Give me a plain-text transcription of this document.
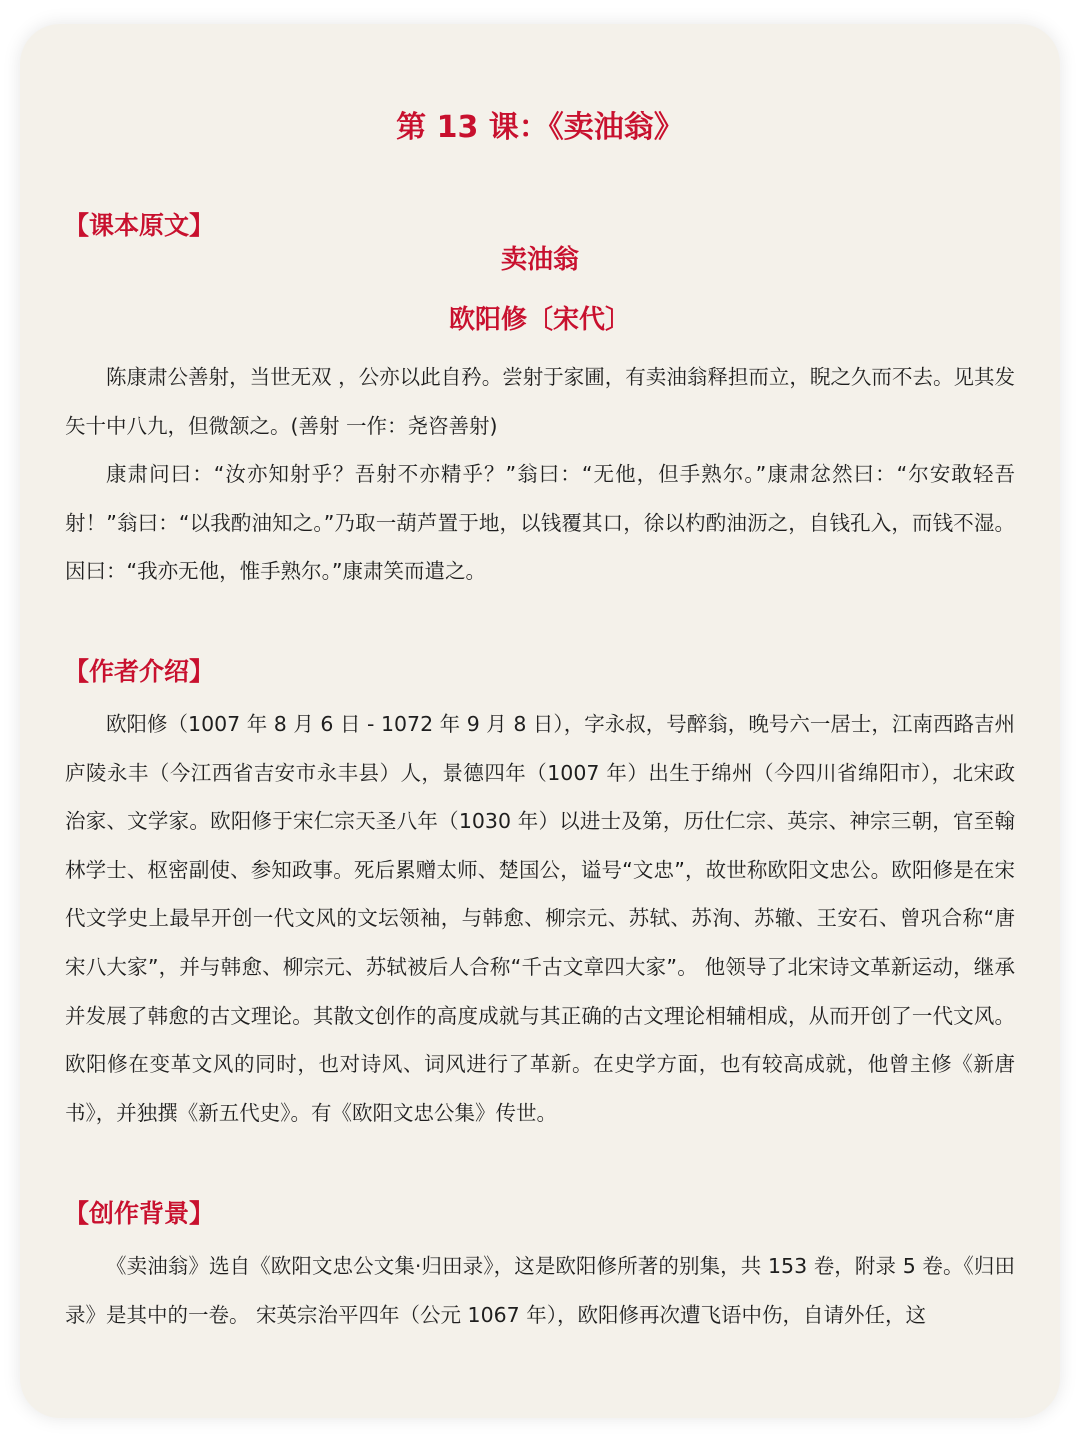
第 13 课：《卖油翁》
【课本原文】
卖油翁
欧阳修〔宋代〕

陈康肃公善射，当世无双 ，公亦以此自矜。尝射于家圃，有卖油翁释担而立，睨之久而不去。见其发矢十中八九，但微颔之。(善射 一作：尧咨善射)

康肃问曰：“汝亦知射乎？吾射不亦精乎？”翁曰：“无他，但手熟尔。”康肃忿然曰：“尔安敢轻吾射！”翁曰：“以我酌油知之。”乃取一葫芦置于地，以钱覆其口，徐以杓酌油沥之，自钱孔入，而钱不湿。因曰：“我亦无他，惟手熟尔。”康肃笑而遣之。

【作者介绍】

欧阳修（1007 年 8 月 6 日 - 1072 年 9 月 8 日），字永叔，号醉翁，晚号六一居士，江南西路吉州庐陵永丰（今江西省吉安市永丰县）人，景德四年（1007 年）出生于绵州（今四川省绵阳市），北宋政治家、文学家。欧阳修于宋仁宗天圣八年（1030 年）以进士及第，历仕仁宗、英宗、神宗三朝，官至翰林学士、枢密副使、参知政事。死后累赠太师、楚国公，谥号“文忠”，故世称欧阳文忠公。欧阳修是在宋代文学史上最早开创一代文风的文坛领袖，与韩愈、柳宗元、苏轼、苏洵、苏辙、王安石、曾巩合称“唐宋八大家”，并与韩愈、柳宗元、苏轼被后人合称“千古文章四大家”。 他领导了北宋诗文革新运动，继承并发展了韩愈的古文理论。其散文创作的高度成就与其正确的古文理论相辅相成，从而开创了一代文风。欧阳修在变革文风的同时，也对诗风、词风进行了革新。在史学方面，也有较高成就，他曾主修《新唐书》，并独撰《新五代史》。有《欧阳文忠公集》传世。

【创作背景】

《卖油翁》选自《欧阳文忠公文集·归田录》，这是欧阳修所著的别集，共 153 卷，附录 5 卷。《归田录》是其中的一卷。 宋英宗治平四年（公元 1067 年），欧阳修再次遭飞语中伤，自请外任，这
